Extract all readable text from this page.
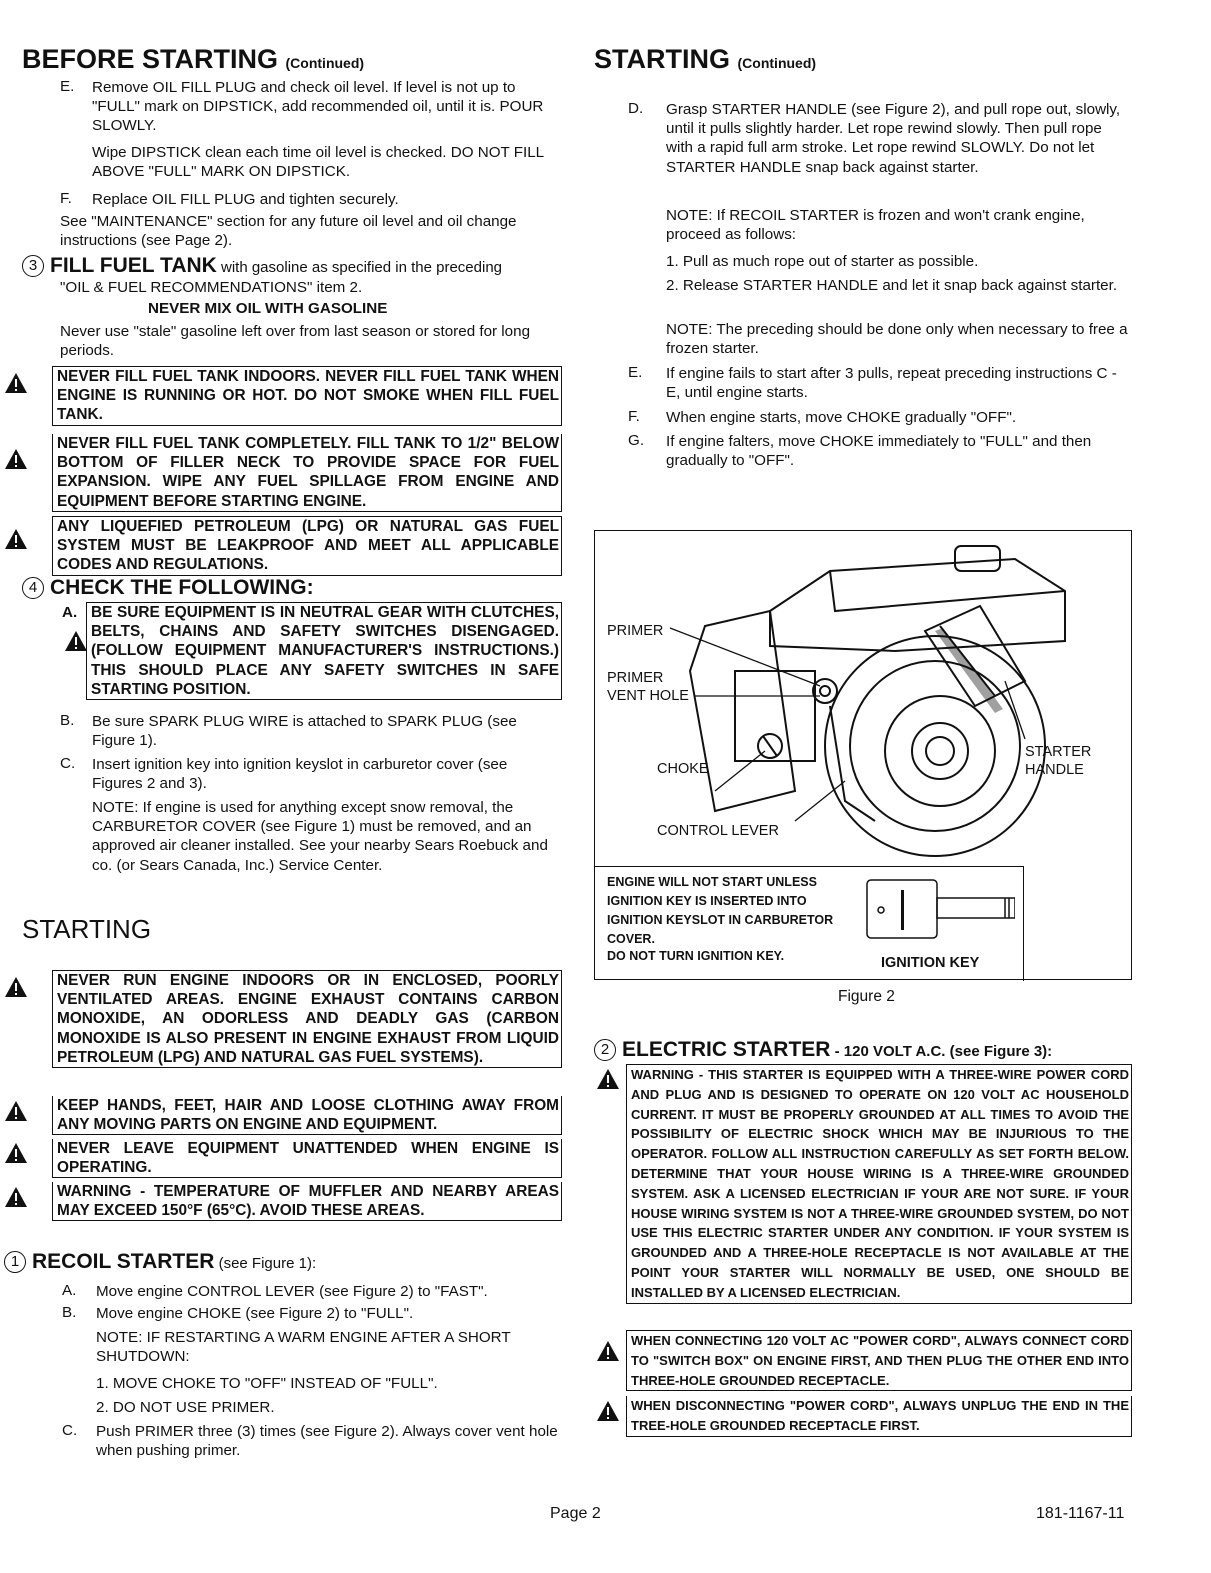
BEFORE STARTING (Continued)
E. Remove OIL FILL PLUG and check oil level. If level is not up to "FULL" mark on DIPSTICK, add recommended oil, until it is. POUR SLOWLY.
Wipe DIPSTICK clean each time oil level is checked. DO NOT FILL ABOVE "FULL" MARK ON DIPSTICK.
F. Replace OIL FILL PLUG and tighten securely.
See "MAINTENANCE" section for any future oil level and oil change instructions (see Page 2).
3 FILL FUEL TANK with gasoline as specified in the preceding
"OIL & FUEL RECOMMENDATIONS" item 2.
NEVER MIX OIL WITH GASOLINE
Never use "stale" gasoline left over from last season or stored for long periods.
NEVER FILL FUEL TANK INDOORS. NEVER FILL FUEL TANK WHEN ENGINE IS RUNNING OR HOT. DO NOT SMOKE WHEN FILL FUEL TANK.
NEVER FILL FUEL TANK COMPLETELY. FILL TANK TO 1/2" BELOW BOTTOM OF FILLER NECK TO PROVIDE SPACE FOR FUEL EXPANSION. WIPE ANY FUEL SPILLAGE FROM ENGINE AND EQUIPMENT BEFORE STARTING ENGINE.
ANY LIQUEFIED PETROLEUM (LPG) OR NATURAL GAS FUEL SYSTEM MUST BE LEAKPROOF AND MEET ALL APPLICABLE CODES AND REGULATIONS.
4 CHECK THE FOLLOWING:
A. BE SURE EQUIPMENT IS IN NEUTRAL GEAR WITH CLUTCHES, BELTS, CHAINS AND SAFETY SWITCHES DISENGAGED. (FOLLOW EQUIPMENT MANUFACTURER'S INSTRUCTIONS.) THIS SHOULD PLACE ANY SAFETY SWITCHES IN SAFE STARTING POSITION.
B. Be sure SPARK PLUG WIRE is attached to SPARK PLUG (see Figure 1).
C. Insert ignition key into ignition keyslot in carburetor cover (see Figures 2 and 3).
NOTE: If engine is used for anything except snow removal, the CARBURETOR COVER (see Figure 1) must be removed, and an approved air cleaner installed. See your nearby Sears Roebuck and co. (or Sears Canada, Inc.) Service Center.
STARTING
NEVER RUN ENGINE INDOORS OR IN ENCLOSED, POORLY VENTILATED AREAS. ENGINE EXHAUST CONTAINS CARBON MONOXIDE, AN ODORLESS AND DEADLY GAS (CARBON MONOXIDE IS ALSO PRESENT IN ENGINE EXHAUST FROM LIQUID PETROLEUM (LPG) AND NATURAL GAS FUEL SYSTEMS).
KEEP HANDS, FEET, HAIR AND LOOSE CLOTHING AWAY FROM ANY MOVING PARTS ON ENGINE AND EQUIPMENT.
NEVER LEAVE EQUIPMENT UNATTENDED WHEN ENGINE IS OPERATING.
WARNING - TEMPERATURE OF MUFFLER AND NEARBY AREAS MAY EXCEED 150°F (65°C). AVOID THESE AREAS.
1 RECOIL STARTER (see Figure 1):
A. Move engine CONTROL LEVER (see Figure 2) to "FAST".
B. Move engine CHOKE (see Figure 2) to "FULL".
NOTE: IF RESTARTING A WARM ENGINE AFTER A SHORT SHUTDOWN:
1. MOVE CHOKE TO "OFF" INSTEAD OF "FULL".
2. DO NOT USE PRIMER.
C. Push PRIMER three (3) times (see Figure 2). Always cover vent hole when pushing primer.
STARTING (Continued)
D. Grasp STARTER HANDLE (see Figure 2), and pull rope out, slowly, until it pulls slightly harder. Let rope rewind slowly. Then pull rope with a rapid full arm stroke. Let rope rewind SLOWLY. Do not let STARTER HANDLE snap back against starter.
NOTE: If RECOIL STARTER is frozen and won't crank engine, proceed as follows:
1. Pull as much rope out of starter as possible.
2. Release STARTER HANDLE and let it snap back against starter.
NOTE: The preceding should be done only when necessary to free a frozen starter.
E. If engine fails to start after 3 pulls, repeat preceding instructions C - E, until engine starts.
F. When engine starts, move CHOKE gradually "OFF".
G. If engine falters, move CHOKE immediately to "FULL" and then gradually to "OFF".
PRIMER
PRIMER VENT HOLE
CHOKE
CONTROL LEVER
STARTER HANDLE
ENGINE WILL NOT START UNLESS IGNITION KEY IS INSERTED INTO IGNITION KEYSLOT IN CARBURETOR COVER.
DO NOT TURN IGNITION KEY.	IGNITION KEY
Figure 2
2 ELECTRIC STARTER - 120 VOLT A.C. (see Figure 3):
WARNING - THIS STARTER IS EQUIPPED WITH A THREE-WIRE POWER CORD AND PLUG AND IS DESIGNED TO OPERATE ON 120 VOLT AC HOUSEHOLD CURRENT. IT MUST BE PROPERLY GROUNDED AT ALL TIMES TO AVOID THE POSSIBILITY OF ELECTRIC SHOCK WHICH MAY BE INJURIOUS TO THE OPERATOR. FOLLOW ALL INSTRUCTION CAREFULLY AS SET FORTH BELOW. DETERMINE THAT YOUR HOUSE WIRING IS A THREE-WIRE GROUNDED SYSTEM. ASK A LICENSED ELECTRICIAN IF YOUR ARE NOT SURE. IF YOUR HOUSE WIRING SYSTEM IS NOT A THREE-WIRE GROUNDED SYSTEM, DO NOT USE THIS ELECTRIC STARTER UNDER ANY CONDITION. IF YOUR SYSTEM IS GROUNDED AND A THREE-HOLE RECEPTACLE IS NOT AVAILABLE AT THE POINT YOUR STARTER WILL NORMALLY BE USED, ONE SHOULD BE INSTALLED BY A LICENSED ELECTRICIAN.
WHEN CONNECTING 120 VOLT AC "POWER CORD", ALWAYS CONNECT CORD TO "SWITCH BOX" ON ENGINE FIRST, AND THEN PLUG THE OTHER END INTO THREE-HOLE GROUNDED RECEPTACLE.
WHEN DISCONNECTING "POWER CORD", ALWAYS UNPLUG THE END IN THE TREE-HOLE GROUNDED RECEPTACLE FIRST.
Page 2	181-1167-11
